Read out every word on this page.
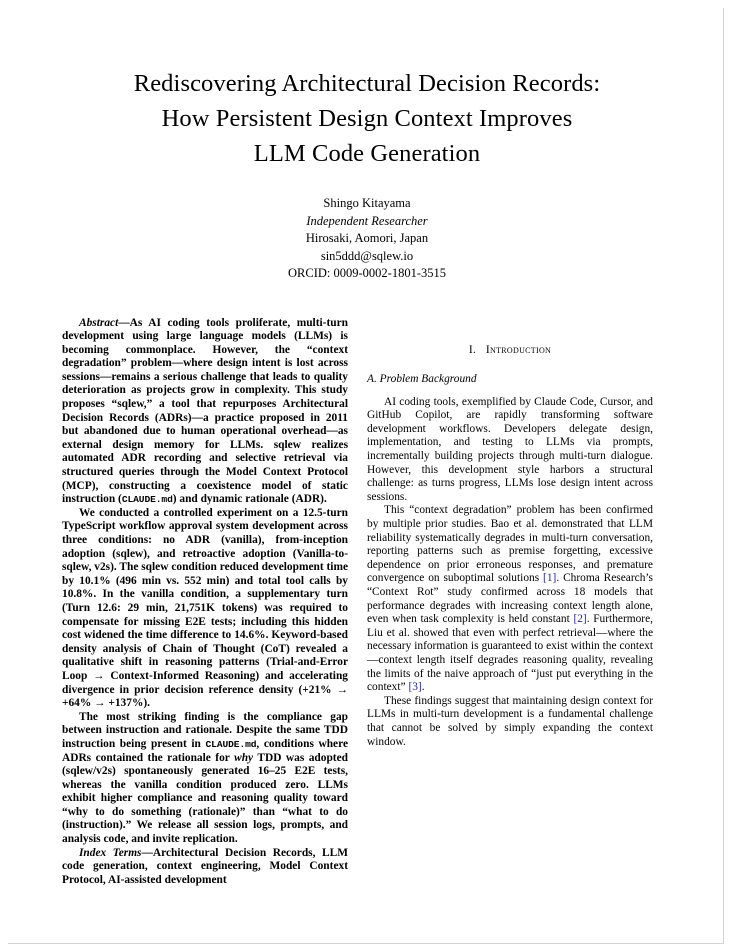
Rediscovering Architectural Decision Records:
How Persistent Design Context Improves
LLM Code Generation
Shingo Kitayama
Independent Researcher
Hirosaki, Aomori, Japan
sin5ddd@sqlew.io
ORCID: 0009-0002-1801-3515

Abstract—As AI coding tools proliferate, multi-turn development using large language models (LLMs) is becoming commonplace. However, the “context degradation” problem—where design intent is lost across sessions—remains a serious challenge that leads to quality deterioration as projects grow in complexity. This study proposes “sqlew,” a tool that repurposes Architectural Decision Records (ADRs)—a practice proposed in 2011 but abandoned due to human operational overhead—as external design memory for LLMs. sqlew realizes automated ADR recording and selective retrieval via structured queries through the Model Context Protocol (MCP), constructing a coexistence model of static instruction (CLAUDE.md) and dynamic rationale (ADR).

We conducted a controlled experiment on a 12.5-turn TypeScript workflow approval system development across three conditions: no ADR (vanilla), from-inception adoption (sqlew), and retroactive adoption (Vanilla-to-sqlew, v2s). The sqlew condition reduced development time by 10.1% (496 min vs. 552 min) and total tool calls by 10.8%. In the vanilla condition, a supplementary turn (Turn 12.6: 29 min, 21,751K tokens) was required to compensate for missing E2E tests; including this hidden cost widened the time difference to 14.6%. Keyword-based density analysis of Chain of Thought (CoT) revealed a qualitative shift in reasoning patterns (Trial-and-Error Loop → Context-Informed Reasoning) and accelerating divergence in prior decision reference density (+21% → +64% → +137%).

The most striking finding is the compliance gap between instruction and rationale. Despite the same TDD instruction being present in CLAUDE.md, conditions where ADRs contained the rationale for why TDD was adopted (sqlew/v2s) spontaneously generated 16–25 E2E tests, whereas the vanilla condition produced zero. LLMs exhibit higher compliance and reasoning quality toward “why to do something (rationale)” than “what to do (instruction).” We release all session logs, prompts, and analysis code, and invite replication.

Index Terms—Architectural Decision Records, LLM code generation, context engineering, Model Context Protocol, AI-assisted development

I. Introduction
A. Problem Background

AI coding tools, exemplified by Claude Code, Cursor, and GitHub Copilot, are rapidly transforming software development workflows. Developers delegate design, implementation, and testing to LLMs via prompts, incrementally building projects through multi-turn dialogue. However, this development style harbors a structural challenge: as turns progress, LLMs lose design intent across sessions.

This “context degradation” problem has been confirmed by multiple prior studies. Bao et al. demonstrated that LLM reliability systematically degrades in multi-turn conversation, reporting patterns such as premise forgetting, excessive dependence on prior erroneous responses, and premature convergence on suboptimal solutions [1]. Chroma Research’s “Context Rot” study confirmed across 18 models that performance degrades with increasing context length alone, even when task complexity is held constant [2]. Furthermore, Liu et al. showed that even with perfect retrieval—where the necessary information is guaranteed to exist within the context—context length itself degrades reasoning quality, revealing the limits of the naive approach of “just put everything in the context” [3].

These findings suggest that maintaining design context for LLMs in multi-turn development is a fundamental challenge that cannot be solved by simply expanding the context window.
